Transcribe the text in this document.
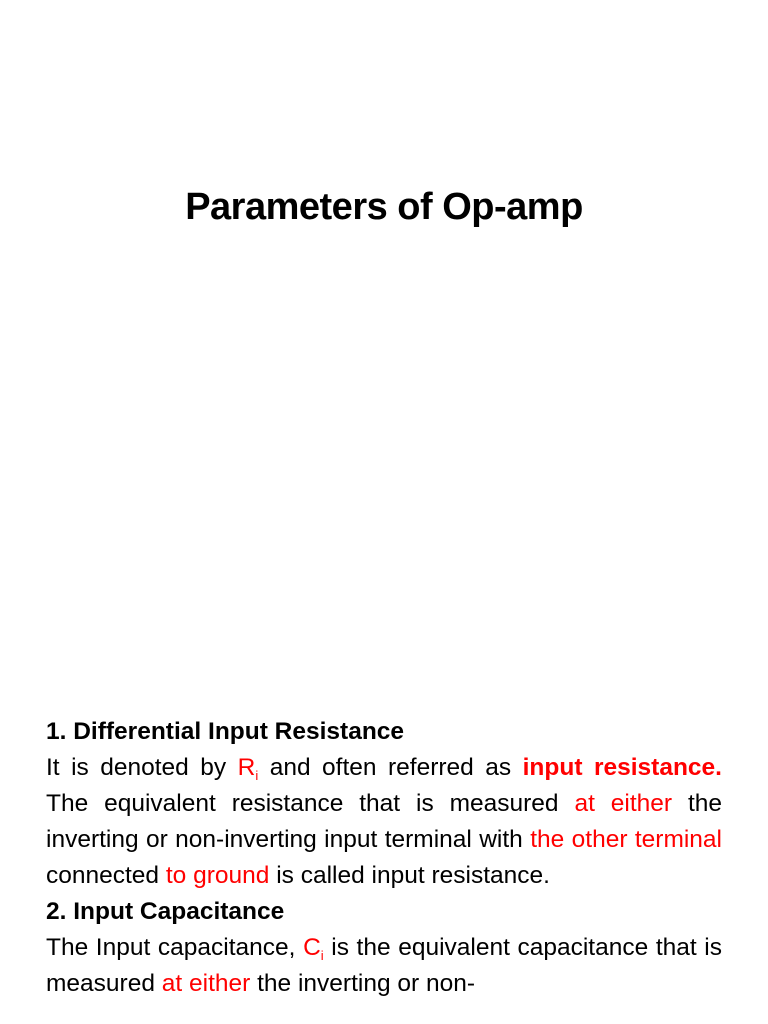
Parameters of Op-amp

1. Differential Input Resistance

It is denoted by $R_i$ and often referred as input resistance. The equivalent resistance that is measured at either the inverting or non-inverting input terminal with the other terminal connected to ground is called input resistance.

2. Input Capacitance

The Input capacitance, $C_i$ is the equivalent capacitance that is measured at either the inverting or non-
